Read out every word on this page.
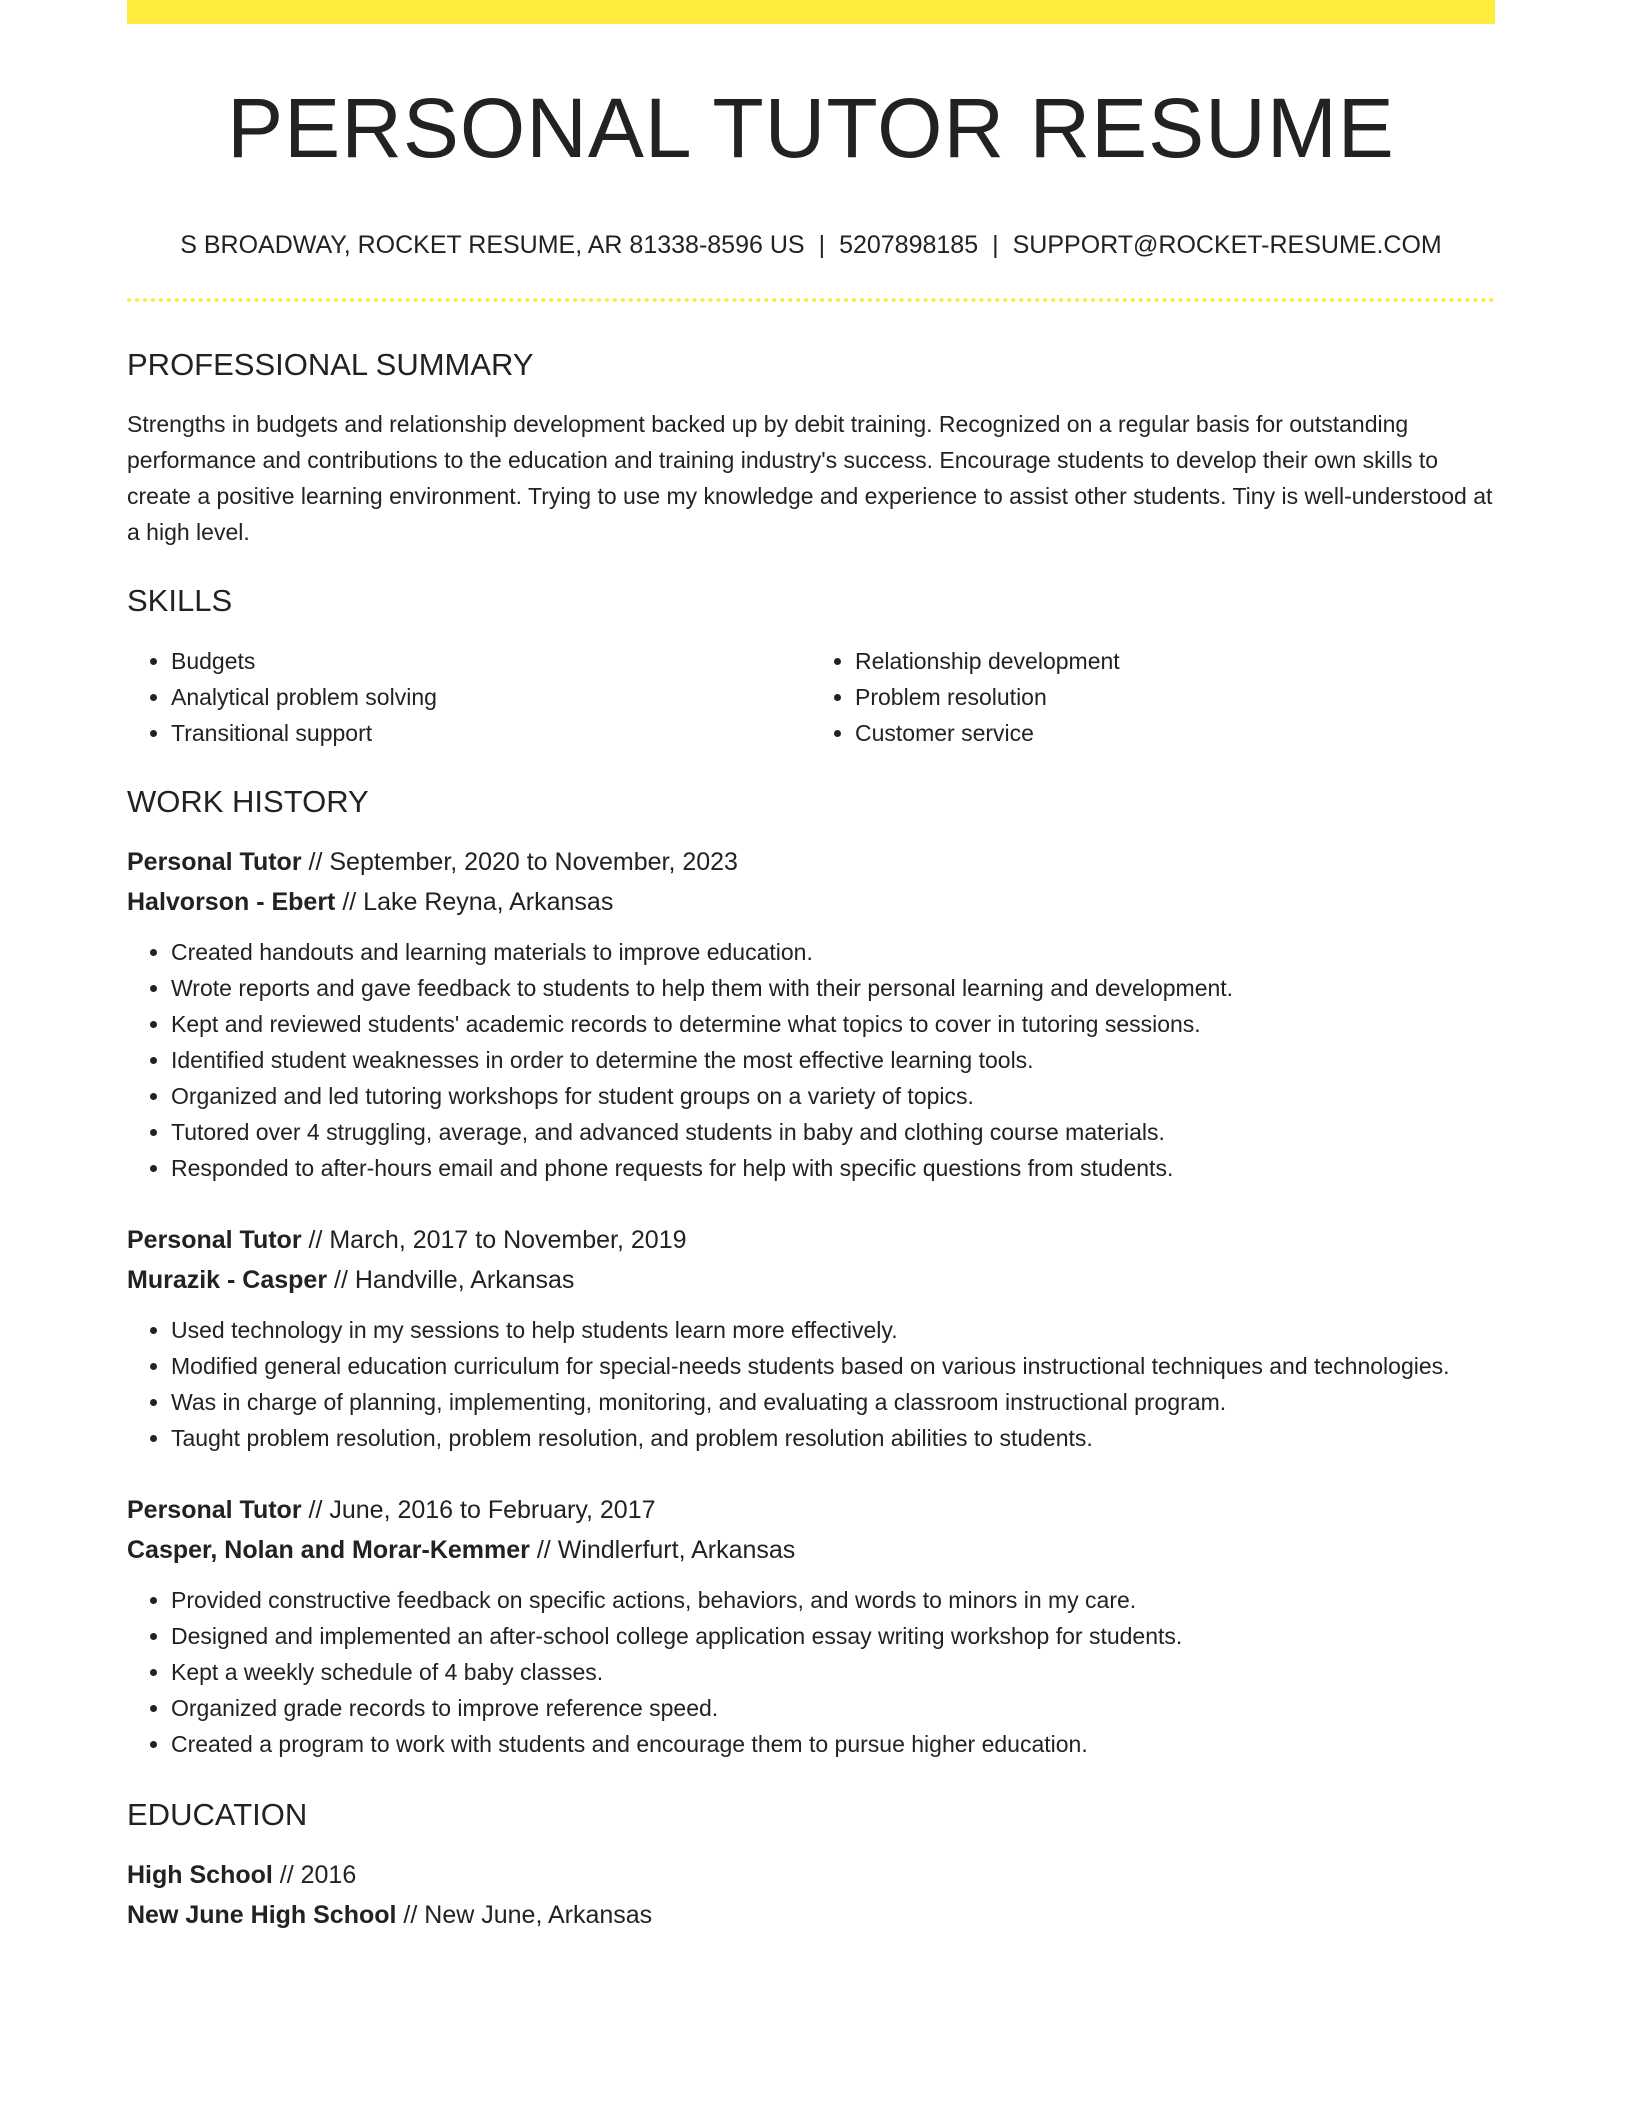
PERSONAL TUTOR RESUME
S BROADWAY, ROCKET RESUME, AR 81338-8596 US | 5207898185 | SUPPORT@ROCKET-RESUME.COM
PROFESSIONAL SUMMARY
Strengths in budgets and relationship development backed up by debit training. Recognized on a regular basis for outstanding performance and contributions to the education and training industry's success. Encourage students to develop their own skills to create a positive learning environment. Trying to use my knowledge and experience to assist other students. Tiny is well-understood at a high level.
SKILLS
• Budgets
• Analytical problem solving
• Transitional support
• Relationship development
• Problem resolution
• Customer service
WORK HISTORY
Personal Tutor // September, 2020 to November, 2023
Halvorson - Ebert // Lake Reyna, Arkansas
• Created handouts and learning materials to improve education.
• Wrote reports and gave feedback to students to help them with their personal learning and development.
• Kept and reviewed students' academic records to determine what topics to cover in tutoring sessions.
• Identified student weaknesses in order to determine the most effective learning tools.
• Organized and led tutoring workshops for student groups on a variety of topics.
• Tutored over 4 struggling, average, and advanced students in baby and clothing course materials.
• Responded to after-hours email and phone requests for help with specific questions from students.
Personal Tutor // March, 2017 to November, 2019
Murazik - Casper // Handville, Arkansas
• Used technology in my sessions to help students learn more effectively.
• Modified general education curriculum for special-needs students based on various instructional techniques and technologies.
• Was in charge of planning, implementing, monitoring, and evaluating a classroom instructional program.
• Taught problem resolution, problem resolution, and problem resolution abilities to students.
Personal Tutor // June, 2016 to February, 2017
Casper, Nolan and Morar-Kemmer // Windlerfurt, Arkansas
• Provided constructive feedback on specific actions, behaviors, and words to minors in my care.
• Designed and implemented an after-school college application essay writing workshop for students.
• Kept a weekly schedule of 4 baby classes.
• Organized grade records to improve reference speed.
• Created a program to work with students and encourage them to pursue higher education.
EDUCATION
High School // 2016
New June High School // New June, Arkansas
